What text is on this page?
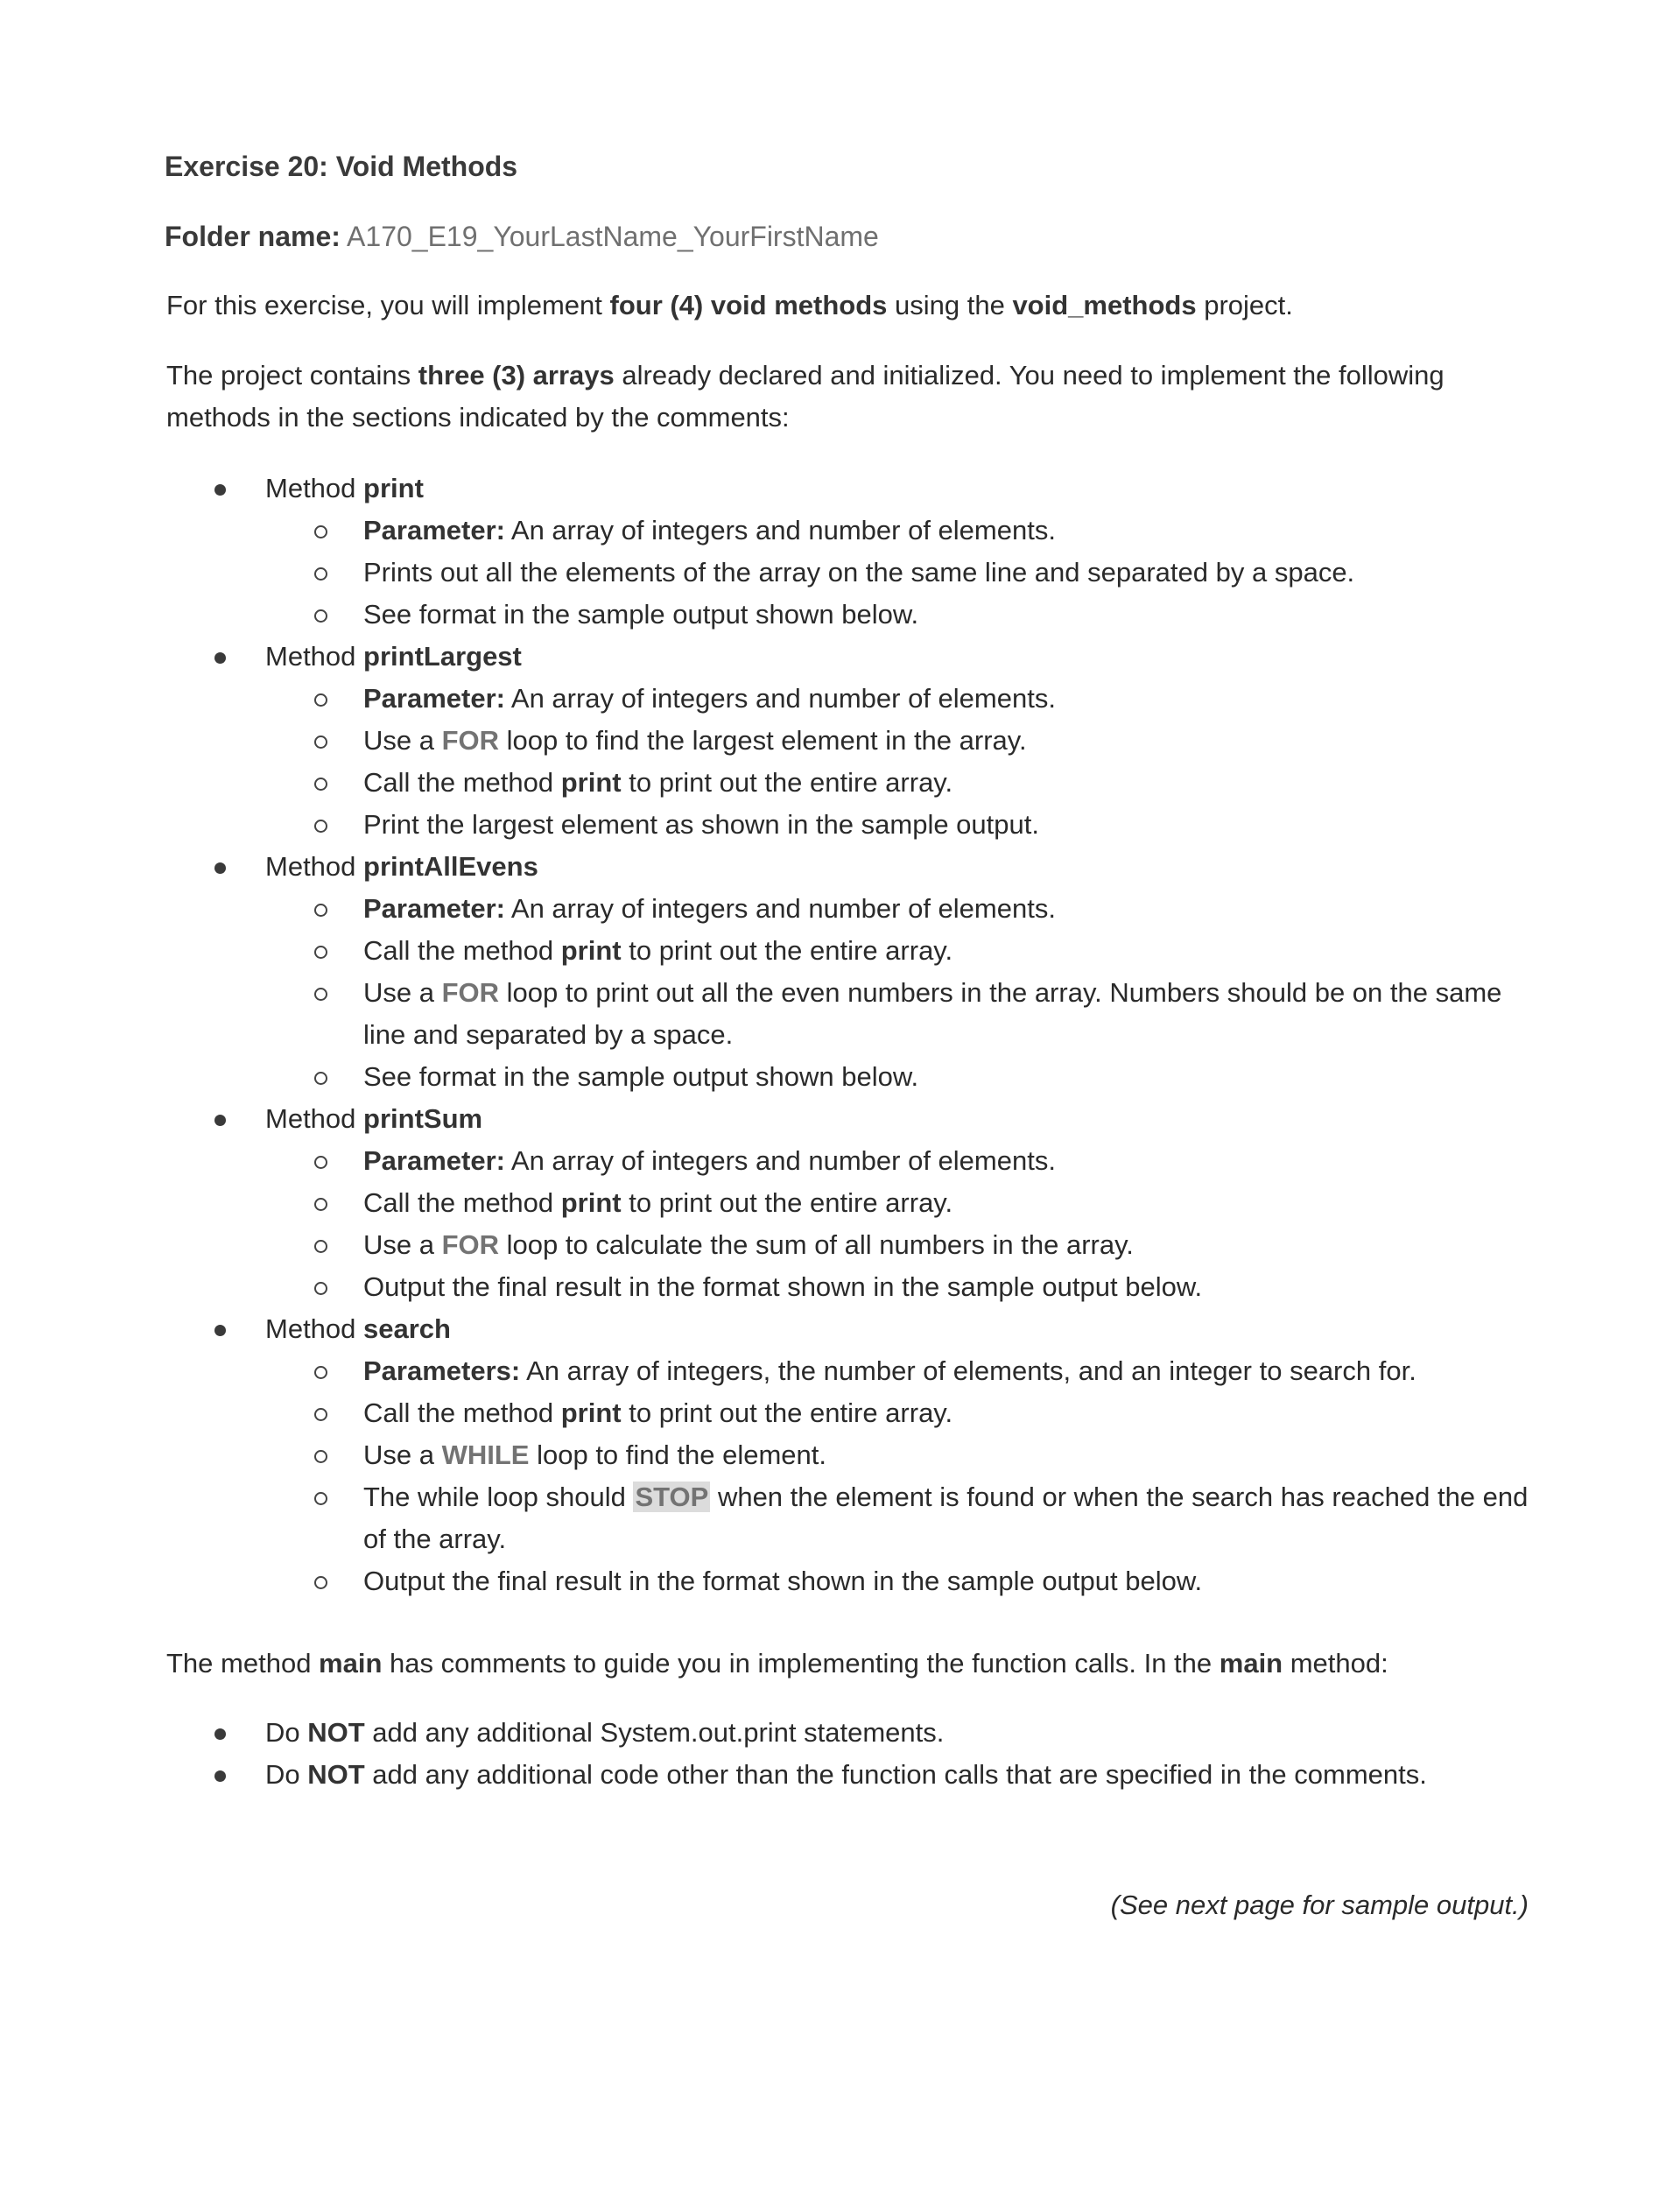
Exercise 20: Void Methods
Folder name: A170_E19_YourLastName_YourFirstName
For this exercise, you will implement four (4) void methods using the void_methods project.
The project contains three (3) arrays already declared and initialized. You need to implement the following methods in the sections indicated by the comments:
Method print
Parameter: An array of integers and number of elements.
Prints out all the elements of the array on the same line and separated by a space.
See format in the sample output shown below.
Method printLargest
Parameter: An array of integers and number of elements.
Use a FOR loop to find the largest element in the array.
Call the method print to print out the entire array.
Print the largest element as shown in the sample output.
Method printAllEvens
Parameter: An array of integers and number of elements.
Call the method print to print out the entire array.
Use a FOR loop to print out all the even numbers in the array. Numbers should be on the same line and separated by a space.
See format in the sample output shown below.
Method printSum
Parameter: An array of integers and number of elements.
Call the method print to print out the entire array.
Use a FOR loop to calculate the sum of all numbers in the array.
Output the final result in the format shown in the sample output below.
Method search
Parameters: An array of integers, the number of elements, and an integer to search for.
Call the method print to print out the entire array.
Use a WHILE loop to find the element.
The while loop should STOP when the element is found or when the search has reached the end of the array.
Output the final result in the format shown in the sample output below.
The method main has comments to guide you in implementing the function calls. In the main method:
Do NOT add any additional System.out.print statements.
Do NOT add any additional code other than the function calls that are specified in the comments.
(See next page for sample output.)
